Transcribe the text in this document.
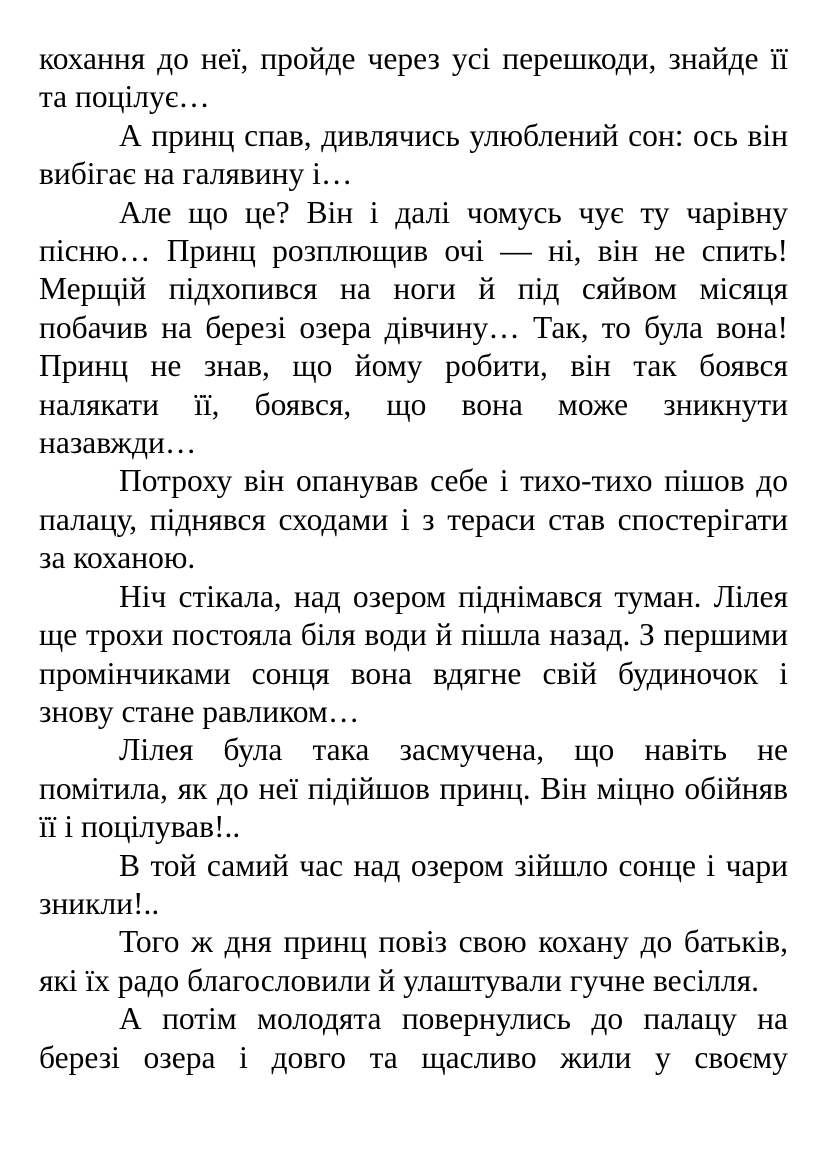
кохання до неї, пройде через усі перешкоди, знайде її та поцілує…

А принц спав, дивлячись улюблений сон: ось він вибігає на галявину і…

Але що це? Він і далі чомусь чує ту чарівну пісню… Принц розплющив очі — ні, він не спить! Мерщій підхопився на ноги й під сяйвом місяця побачив на березі озера дівчину… Так, то була вона! Принц не знав, що йому робити, він так боявся налякати її, боявся, що вона може зникнути назавжди…

Потроху він опанував себе і тихо-тихо пішов до палацу, піднявся сходами і з тераси став спостерігати за коханою.

Ніч стікала, над озером піднімався туман. Лілея ще трохи постояла біля води й пішла назад. З першими промінчиками сонця вона вдягне свій будиночок і знову стане равликом…

Лілея була така засмучена, що навіть не помітила, як до неї підійшов принц. Він міцно обійняв її і поцілував!..

В той самий час над озером зійшло сонце і чари зникли!..

Того ж дня принц повіз свою кохану до батьків, які їх радо благословили й улаштували гучне весілля.

А потім молодята повернулись до палацу на березі озера і довго та щасливо жили у своєму
